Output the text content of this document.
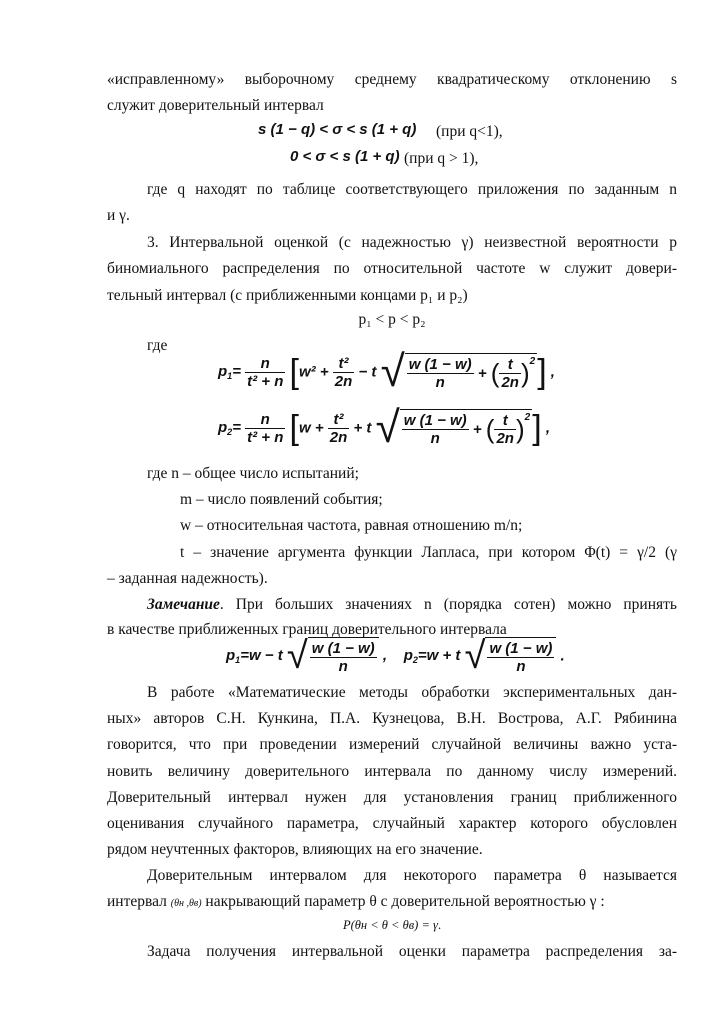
«исправленному» выборочному среднему квадратическому отклонению s
служит доверительный интервал
s (1 − q) < σ < s (1 + q) (при q<1),
0 < σ < s (1 + q) (при q > 1),
где q находят по таблице соответствующего приложения по заданным n
и γ.
3. Интервальной оценкой (с надежностью γ) неизвестной вероятности p
биномиального распределения по относительной частоте w служит довери-
тельный интервал (с приближенными концами p₁ и p₂)
p₁ < p < p₂
где
$p_1= \frac{n}{\text{t² + n}} [w^2 + \frac{\text{t²}}{2n} - t$ √ $\frac{w (1 - w)}{n}$ + ( $\frac{t}{2n} )^2$] ,
$p_2= \frac{n}{\text{t² + n}} [w + \frac{\text{t²}}{2n} + t$ √ $\frac{w (1 - w)}{n}$ + ( $\frac{t}{2n} )^2$] ,
где n – общее число испытаний;
m – число появлений события;
w – относительная частота, равная отношению m/n;
t – значение аргумента функции Лапласа, при котором Φ(t) = γ/2 (γ
– заданная надежность).
Замечание. При больших значениях n (порядка сотен) можно принять
в качестве приближенных границ доверительного интервала
$p_1=w - t$ √ $\frac{w (1 - w)}{n}$ ,    $p_2=w + t$ √ $\frac{w (1 - w)}{n}$ .
В работе «Математические методы обработки экспериментальных дан-
ных» авторов С.Н. Кункина, П.А. Кузнецова, В.Н. Вострова, А.Г. Рябинина
говорится, что при проведении измерений случайной величины важно уста-
новить величину доверительного интервала по данному числу измерений.
Доверительный интервал нужен для установления границ приближенного
оценивания случайного параметра, случайный характер которого обусловлен
рядом неучтенных факторов, влияющих на его значение.
Доверительным интервалом для некоторого параметра θ называется
интервал (θн ,θв) накрывающий параметр θ с доверительной вероятностью γ :
P(θн < θ < θв) = γ.
Задача получения интервальной оценки параметра распределения за-
